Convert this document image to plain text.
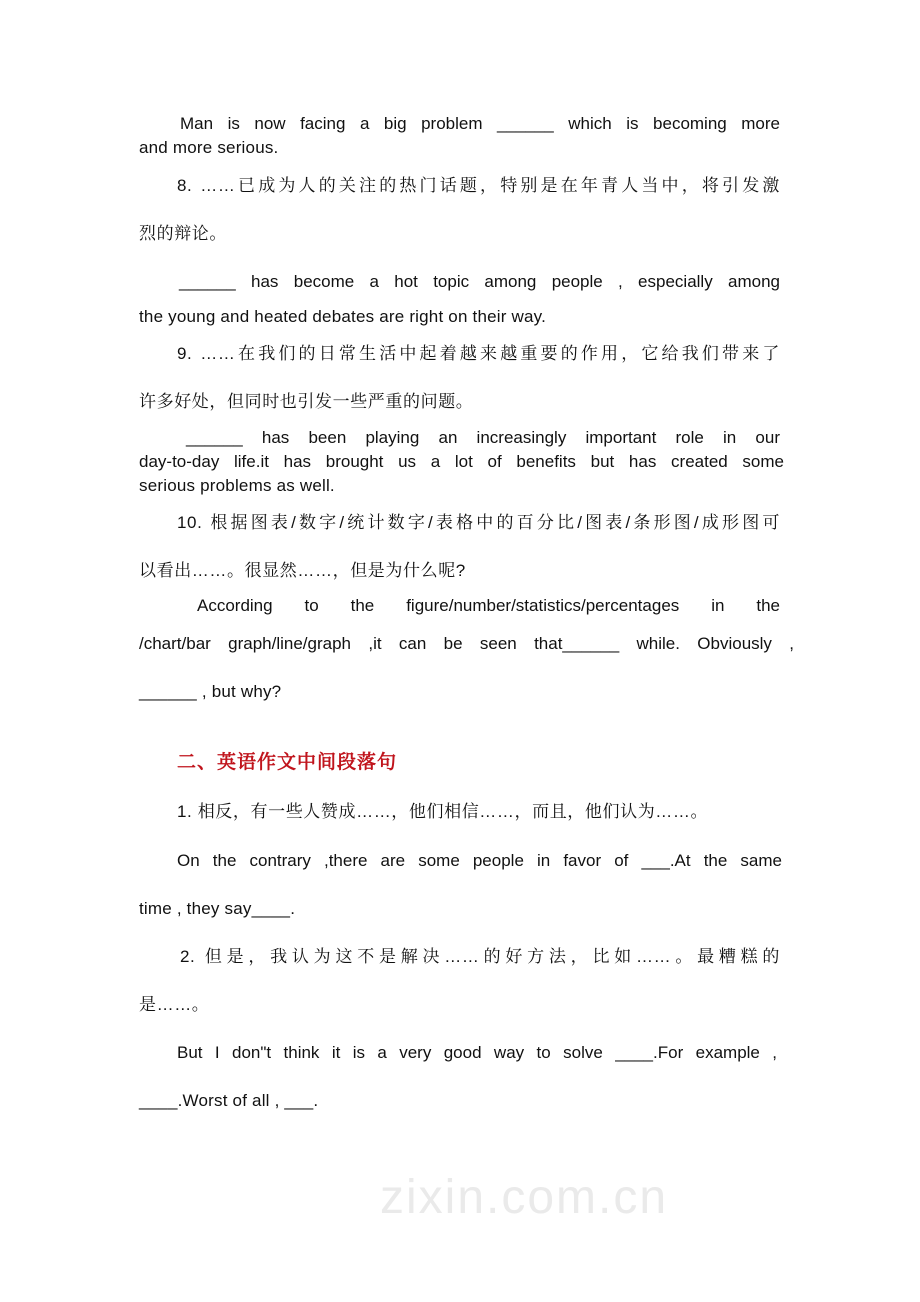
zixin.com.cn
Man is now facing a big problem ______ which is becoming more
and more serious.
8. ……已成为人的关注的热门话题，特别是在年青人当中，将引发激
烈的辩论。
______ has become a hot topic among people , especially among
the young and heated debates are right on their way.
9. ……在我们的日常生活中起着越来越重要的作用，它给我们带来了
许多好处，但同时也引发一些严重的问题。
______ has been playing an increasingly important role in our
day-to-day life.it has brought us a lot of benefits but has created some
serious problems as well.
10. 根据图表/数字/统计数字/表格中的百分比/图表/条形图/成形图可
以看出……。很显然……，但是为什么呢?
According to the figure/number/statistics/percentages in the
/chart/bar graph/line/graph ,it can be seen that______ while. Obviously ,
______ , but why?
二、英语作文中间段落句
1. 相反，有一些人赞成……，他们相信……，而且，他们认为……。
On the contrary ,there are some people in favor of ___.At the same
time , they say____.
2. 但是，我认为这不是解决……的好方法，比如……。最糟糕的
是……。
But I don"t think it is a very good way to solve ____.For example ,
____.Worst of all , ___.
